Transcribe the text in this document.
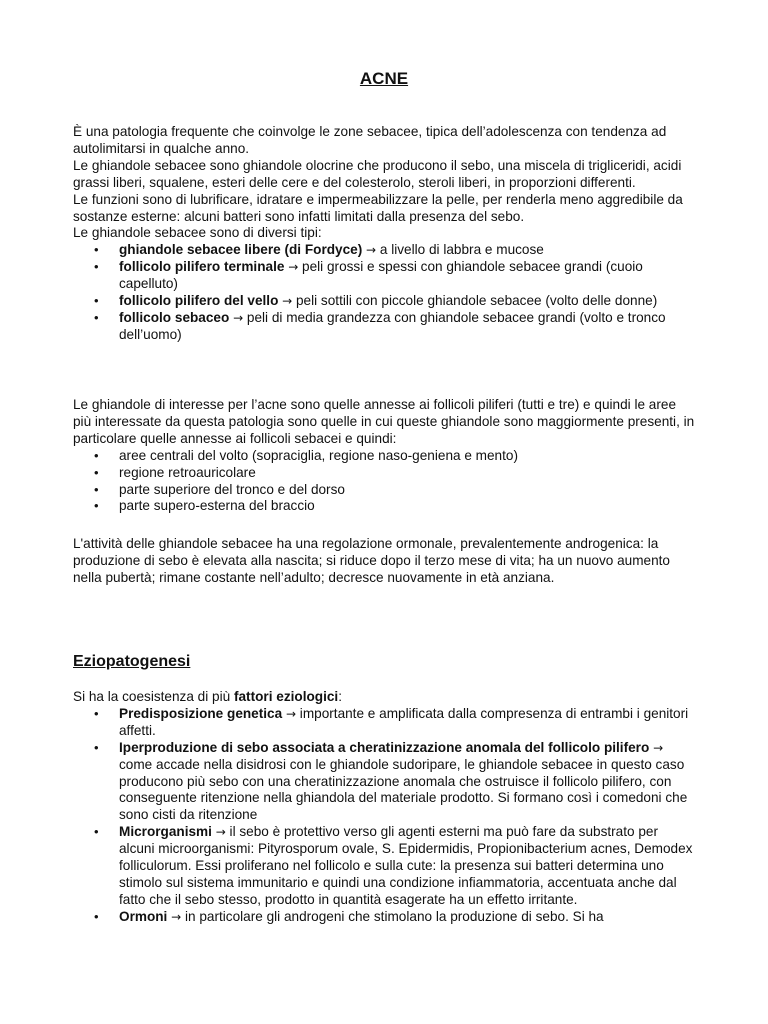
ACNE

È una patologia frequente che coinvolge le zone sebacee, tipica dell’adolescenza con tendenza ad autolimitarsi in qualche anno.

Le ghiandole sebacee sono ghiandole olocrine che producono il sebo, una miscela di trigliceridi, acidi grassi liberi, squalene, esteri delle cere e del colesterolo, steroli liberi, in proporzioni differenti.

Le funzioni sono di lubrificare, idratare e impermeabilizzare la pelle, per renderla meno aggredibile da sostanze esterne: alcuni batteri sono infatti limitati dalla presenza del sebo.

Le ghiandole sebacee sono di diversi tipi:

• ghiandole sebacee libere (di Fordyce) → a livello di labbra e mucose
• follicolo pilifero terminale → peli grossi e spessi con ghiandole sebacee grandi (cuoio capelluto)
• follicolo pilifero del vello → peli sottili con piccole ghiandole sebacee (volto delle donne)
• follicolo sebaceo → peli di media grandezza con ghiandole sebacee grandi (volto e tronco dell’uomo)

Le ghiandole di interesse per l’acne sono quelle annesse ai follicoli piliferi (tutti e tre) e quindi le aree più interessate da questa patologia sono quelle in cui queste ghiandole sono maggiormente presenti, in particolare quelle annesse ai follicoli sebacei e quindi:

• aree centrali del volto (sopraciglia, regione naso-geniena e mento)
• regione retroauricolare
• parte superiore del tronco e del dorso
• parte supero-esterna del braccio

L'attività delle ghiandole sebacee ha una regolazione ormonale, prevalentemente androgenica: la produzione di sebo è elevata alla nascita; si riduce dopo il terzo mese di vita; ha un nuovo aumento nella pubertà; rimane costante nell’adulto; decresce nuovamente in età anziana.

Eziopatogenesi

Si ha la coesistenza di più fattori eziologici:

• Predisposizione genetica → importante e amplificata dalla compresenza di entrambi i genitori affetti.
• Iperproduzione di sebo associata a cheratinizzazione anomala del follicolo pilifero → come accade nella disidrosi con le ghiandole sudoripare, le ghiandole sebacee in questo caso producono più sebo con una cheratinizzazione anomala che ostruisce il follicolo pilifero, con conseguente ritenzione nella ghiandola del materiale prodotto. Si formano così i comedoni che sono cisti da ritenzione
• Microrganismi → il sebo è protettivo verso gli agenti esterni ma può fare da substrato per alcuni microorganismi: Pityrosporum ovale, S. Epidermidis, Propionibacterium acnes, Demodex folliculorum. Essi proliferano nel follicolo e sulla cute: la presenza sui batteri determina uno stimolo sul sistema immunitario e quindi una condizione infiammatoria, accentuata anche dal fatto che il sebo stesso, prodotto in quantità esagerate ha un effetto irritante.
• Ormoni → in particolare gli androgeni che stimolano la produzione di sebo. Si ha
